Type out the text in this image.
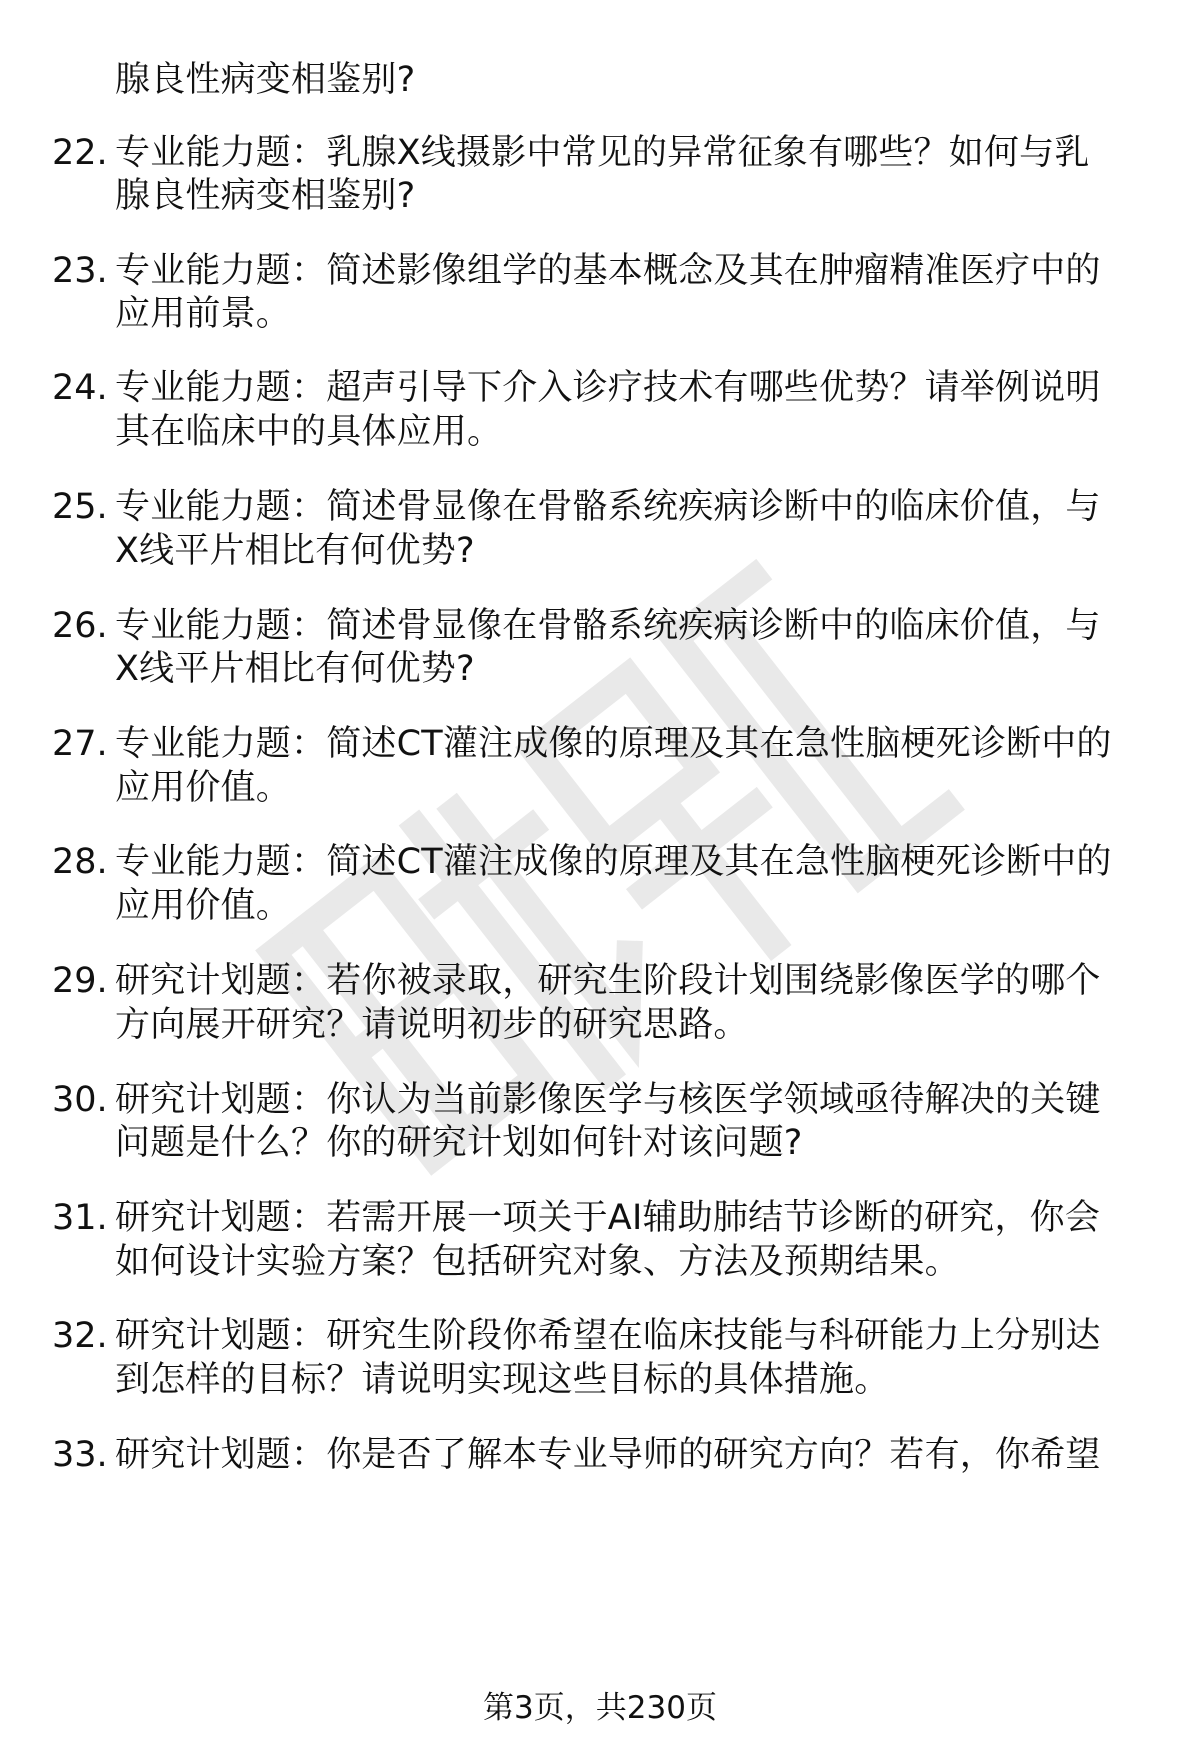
腺良性病变相鉴别?
22. 专业能力题：乳腺X线摄影中常见的异常征象有哪些？如何与乳
腺良性病变相鉴别?
23. 专业能力题：简述影像组学的基本概念及其在肿瘤精准医疗中的
应用前景。
24. 专业能力题：超声引导下介入诊疗技术有哪些优势？请举例说明
其在临床中的具体应用。
25. 专业能力题：简述骨显像在骨骼系统疾病诊断中的临床价值，与
X线平片相比有何优势?
26. 专业能力题：简述骨显像在骨骼系统疾病诊断中的临床价值，与
X线平片相比有何优势?
27. 专业能力题：简述CT灌注成像的原理及其在急性脑梗死诊断中的
应用价值。
28. 专业能力题：简述CT灌注成像的原理及其在急性脑梗死诊断中的
应用价值。
29. 研究计划题：若你被录取，研究生阶段计划围绕影像医学的哪个
方向展开研究？请说明初步的研究思路。
30. 研究计划题：你认为当前影像医学与核医学领域亟待解决的关键
问题是什么？你的研究计划如何针对该问题?
31. 研究计划题：若需开展一项关于AI辅助肺结节诊断的研究，你会
如何设计实验方案？包括研究对象、方法及预期结果。
32. 研究计划题：研究生阶段你希望在临床技能与科研能力上分别达
到怎样的目标？请说明实现这些目标的具体措施。
33. 研究计划题：你是否了解本专业导师的研究方向？若有，你希望
第3页，共230页
